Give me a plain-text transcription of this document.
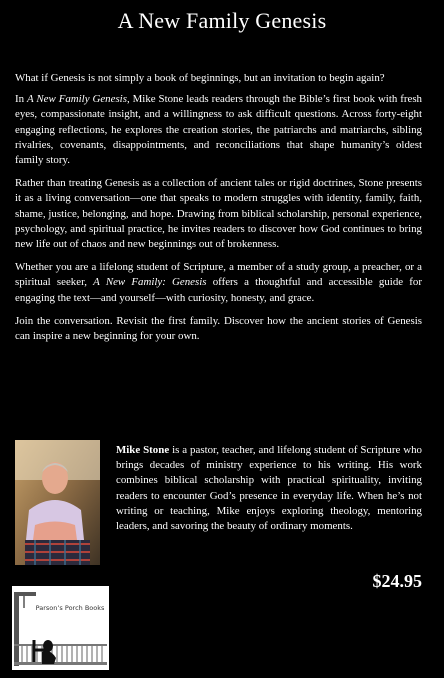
A New Family Genesis

What if Genesis is not simply a book of beginnings, but an invitation to begin again?

In A New Family Genesis, Mike Stone leads readers through the Bible’s first book with fresh eyes, compassionate insight, and a willingness to ask difficult questions. Across forty-eight engaging reflections, he explores the creation stories, the patriarchs and matriarchs, sibling rivalries, covenants, disappointments, and reconciliations that shape humanity’s oldest family story.

Rather than treating Genesis as a collection of ancient tales or rigid doctrines, Stone presents it as a living conversation—one that speaks to modern struggles with identity, family, faith, shame, justice, belonging, and hope. Drawing from biblical scholarship, personal experience, psychology, and spiritual practice, he invites readers to discover how God continues to bring new life out of chaos and new beginnings out of brokenness.

Whether you are a lifelong student of Scripture, a member of a study group, a preacher, or a spiritual seeker, A New Family: Genesis offers a thoughtful and accessible guide for engaging the text—and yourself—with curiosity, honesty, and grace.

Join the conversation. Revisit the first family. Discover how the ancient stories of Genesis can inspire a new beginning for your own.

Mike Stone is a pastor, teacher, and lifelong student of Scripture who brings decades of ministry experience to his writing. His work combines biblical scholarship with practical spirituality, inviting readers to encounter God’s presence in everyday life. When he’s not writing or teaching, Mike enjoys exploring theology, mentoring leaders, and savoring the beauty of ordinary moments.

$24.95
Parson’s Porch Books
